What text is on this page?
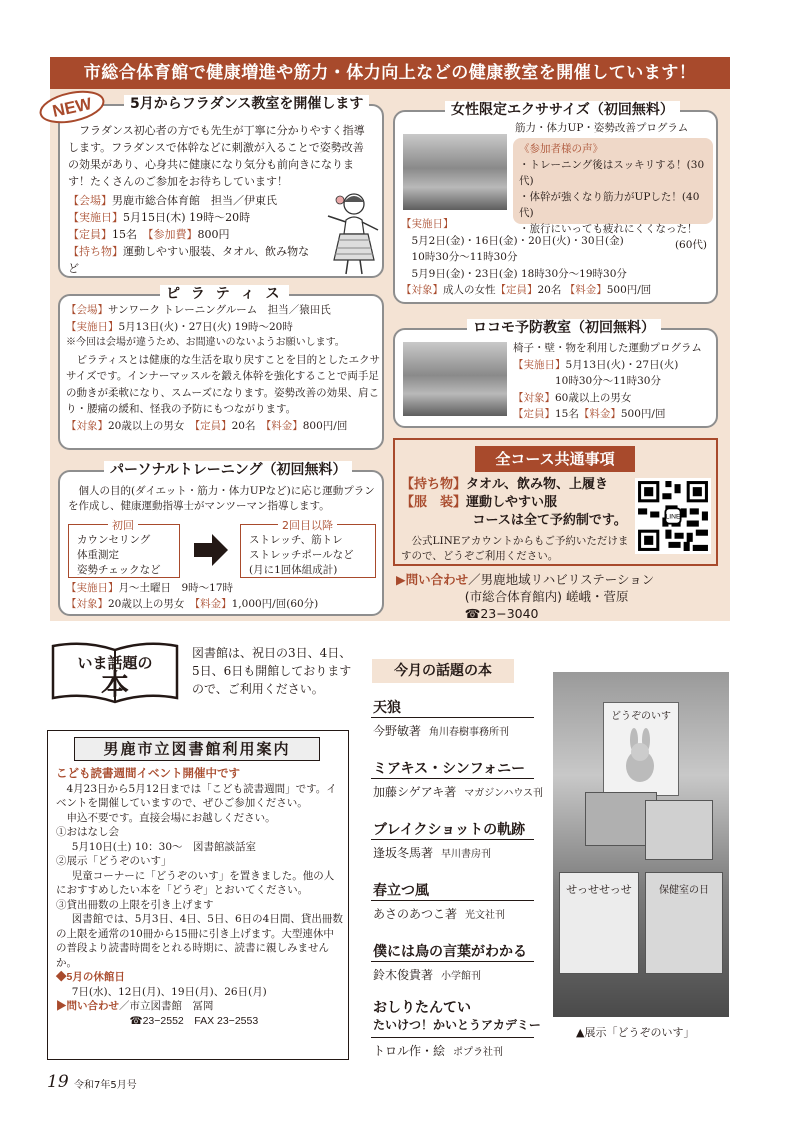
市総合体育館で健康増進や筋力・体力向上などの健康教室を開催しています！
5月からフラダンス教室を開催します
フラダンス初心者の方でも先生が丁寧に分かりやすく指導します。フラダンスで体幹などに刺激が入ることで姿勢改善の効果があり、心身共に健康になり気分も前向きになります！たくさんのご参加をお待ちしています！
【会場】男鹿市総合体育館　担当／伊東氏
【実施日】5月15日(木) 19時〜20時
【定員】15名　 【参加費】800円
【持ち物】運動しやすい服装、タオル、飲み物など
NEW
ピ ラ テ ィ ス
【会場】サンワーク トレーニングルーム　担当／猿田氏
【実施日】5月13日(火)・27日(火) 19時〜20時
※今回は会場が違うため、お間違いのないようお願いします。
ピラティスとは健康的な生活を取り戻すことを目的としたエクササイズです。インナーマッスルを鍛え体幹を強化することで両手足の動きが柔軟になり、スムーズになります。姿勢改善の効果、肩こり・腰痛の緩和、怪我の予防にもつながります。
【対象】20歳以上の男女　 【定員】20名　 【料金】800円/回
パーソナルトレーニング（初回無料）
個人の目的(ダイエット・筋力・体力UPなど)に応じ運動プランを作成し、健康運動指導士がマンツーマン指導します。
カウンセリング
体重測定
姿勢チェックなど
初回
ストレッチ、筋トレ
ストレッチポールなど
(月に1回体組成計)
2回目以降
【実施日】月〜土曜日　9時〜17時
【対象】20歳以上の男女　 【料金】1,000円/回(60分)
女性限定エクササイズ（初回無料）
筋力・体力UP・姿勢改善プログラム
《参加者様の声》
・トレーニング後はスッキリする！(30代)
・体幹が強くなり筋力がUPした！(40代)
・旅行にいっても疲れにくくなった！
(60代)
【実施日】
5月2日(金)・16日(金)・20日(火)・30日(金)
10時30分〜11時30分
5月9日(金)・23日(金) 18時30分〜19時30分
【対象】成人の女性【定員】20名 【料金】500円/回
ロコモ予防教室（初回無料）
椅子・壁・物を利用した運動プログラム
【実施日】5月13日(火)・27日(火)
10時30分〜11時30分
【対象】60歳以上の男女
【定員】15名【料金】500円/回
全コース共通事項
【持ち物】タオル、飲み物、上履き
【服　装】運動しやすい服
コースは全て予約制です。
公式LINEアカウントからもご予約いただけますので、どうぞご利用ください。
LINE
▶問い合わせ／男鹿地域リハビリステーション
(市総合体育館内) 嵯峨・菅原
☎23−3040
いま話題の
本
図書館は、祝日の3日、4日、5日、6日も開館しておりますので、ご利用ください。
今月の話題の本
天狼
今野敏著 角川春樹事務所刊
ミアキス・シンフォニー
加藤シゲアキ著 マガジンハウス刊
ブレイクショットの軌跡
逢坂冬馬著 早川書房刊
春立つ風
あさのあつこ著 光文社刊
僕には鳥の言葉がわかる
鈴木俊貴著 小学館刊
おしりたんてい
たいけつ！かいとうアカデミー
トロル作・絵 ポプラ社刊
どうぞのいす
せっせせっせ	保健室の日
▲展示「どうぞのいす」
男鹿市立図書館利用案内
こども読書週間イベント開催中です
4月23日から5月12日までは「こども読書週間」です。イベントを開催していますので、ぜひご参加ください。
申込不要です。直接会場にお越しください。
①おはなし会
5月10日(土) 10：30〜　図書館談話室
②展示「どうぞのいす」
児童コーナーに「どうぞのいす」を置きました。他の人におすすめしたい本を「どうぞ」とおいてください。
③貸出冊数の上限を引き上げます
図書館では、5月3日、4日、5日、6日の4日間、貸出冊数の上限を通常の10冊から15冊に引き上げます。大型連休中の普段より読書時間をとれる時期に、読書に親しみませんか。
◆5月の休館日
7日(水)、12日(月)、19日(月)、26日(月)
▶問い合わせ／市立図書館　冨岡
☎23−2552　FAX 23−2553
19 令和7年5月号
